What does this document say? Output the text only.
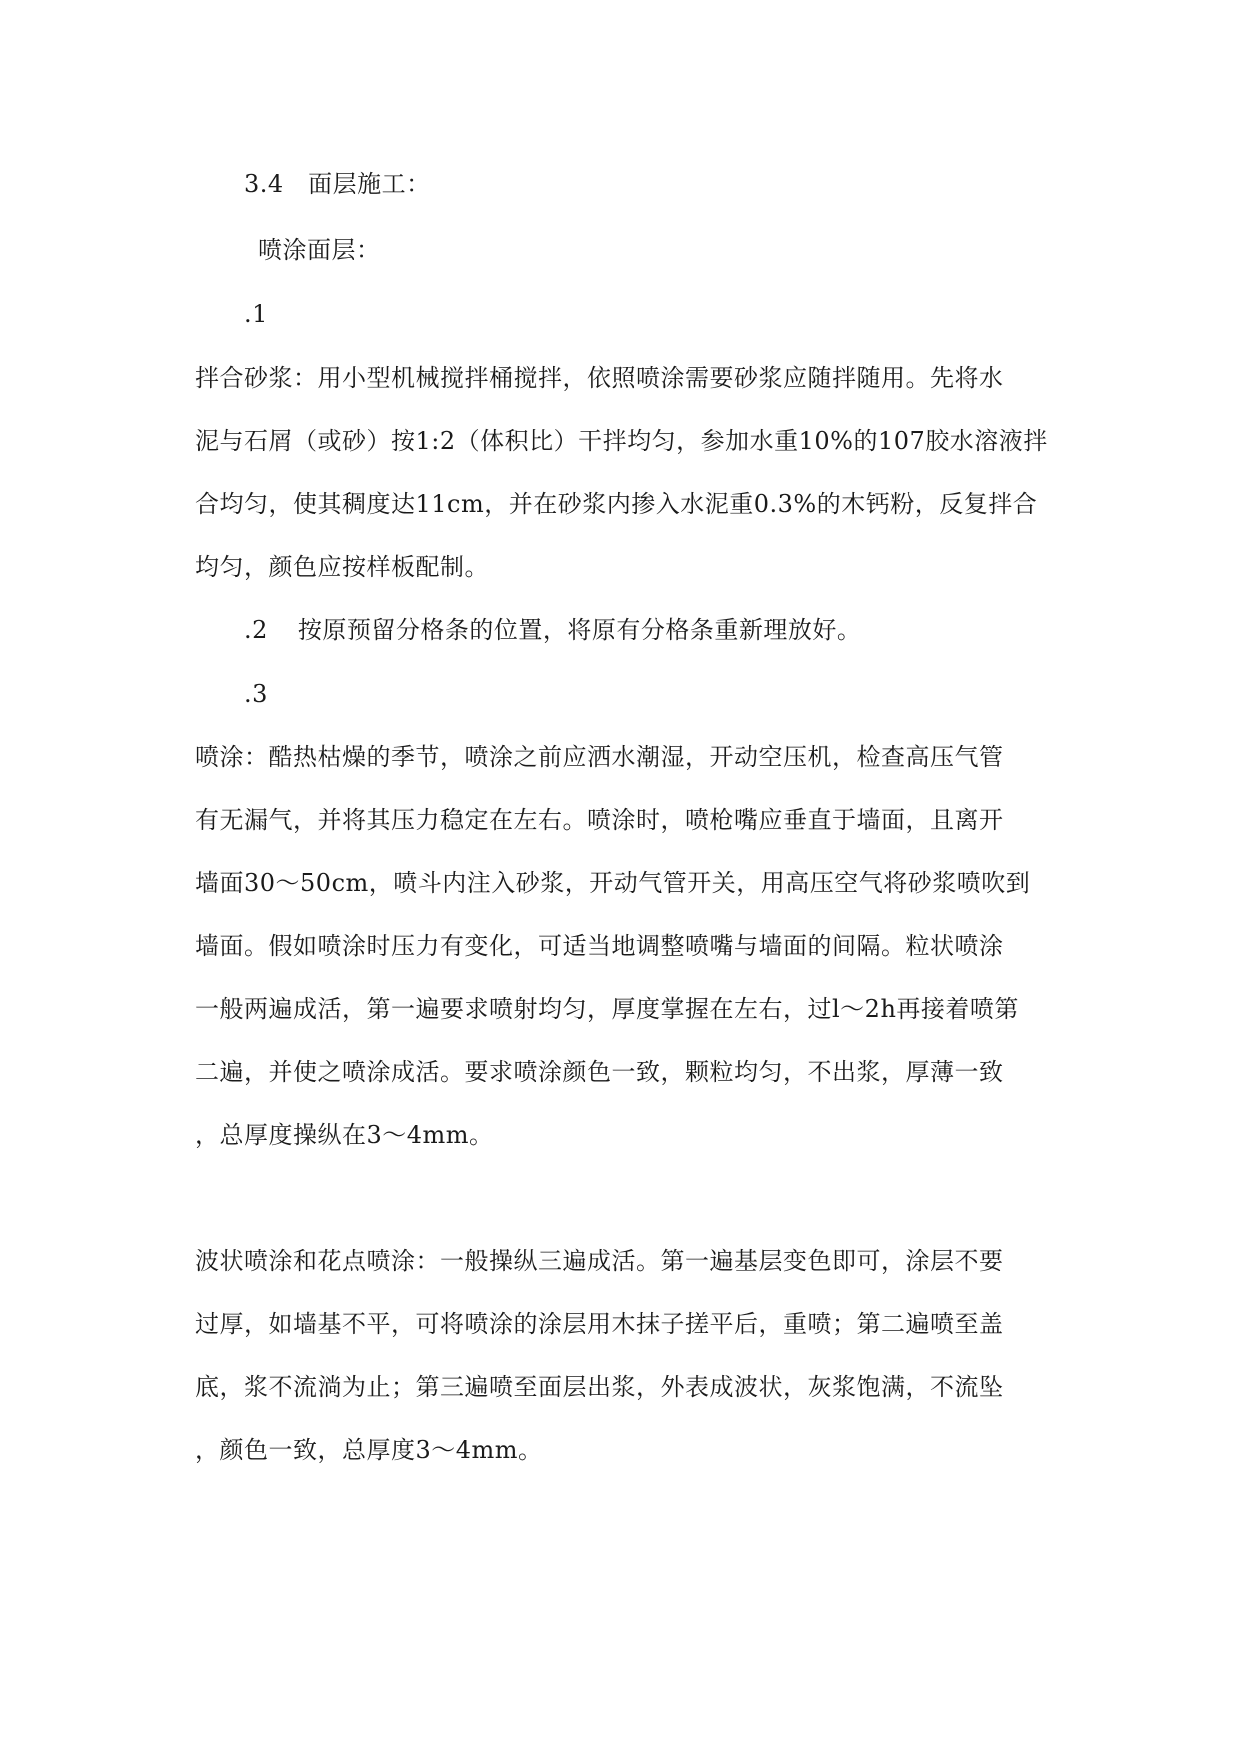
3.4　面层施工：
喷涂面层：
.1
拌合砂浆：用小型机械搅拌桶搅拌，依照喷涂需要砂浆应随拌随用。先将水
泥与石屑（或砂）按1:2（体积比）干拌均匀，参加水重10%的107胶水溶液拌
合均匀，使其稠度达11cm，并在砂浆内掺入水泥重0.3%的木钙粉，反复拌合
均匀，颜色应按样板配制。
.2 按原预留分格条的位置，将原有分格条重新理放好。
.3
喷涂：酷热枯燥的季节，喷涂之前应洒水潮湿，开动空压机，检查高压气管
有无漏气，并将其压力稳定在左右。喷涂时，喷枪嘴应垂直于墙面，且离开
墙面30～50cm，喷斗内注入砂浆，开动气管开关，用高压空气将砂浆喷吹到
墙面。假如喷涂时压力有变化，可适当地调整喷嘴与墙面的间隔。粒状喷涂
一般两遍成活，第一遍要求喷射均匀，厚度掌握在左右，过l～2h再接着喷第
二遍，并使之喷涂成活。要求喷涂颜色一致，颗粒均匀，不出浆，厚薄一致
，总厚度操纵在3～4mm。
波状喷涂和花点喷涂：一般操纵三遍成活。第一遍基层变色即可，涂层不要
过厚，如墙基不平，可将喷涂的涂层用木抹子搓平后，重喷；第二遍喷至盖
底，浆不流淌为止；第三遍喷至面层出浆，外表成波状，灰浆饱满，不流坠
，颜色一致，总厚度3～4mm。
